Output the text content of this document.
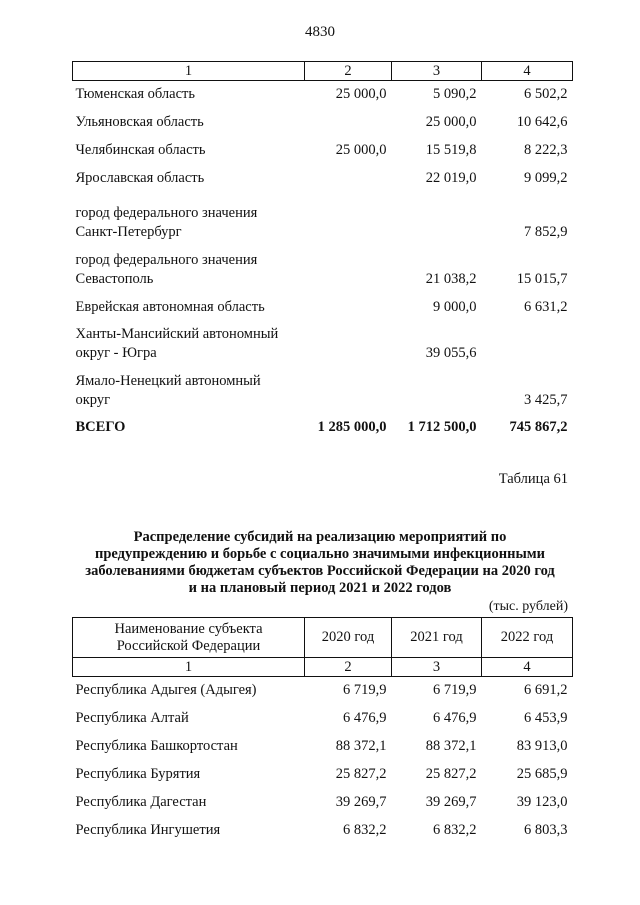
4830
1	2	3	4
Тюменская область	25 000,0	5 090,2	6 502,2
Ульяновская область		25 000,0	10 642,6
Челябинская область	25 000,0	15 519,8	8 222,3
Ярославская область		22 019,0	9 099,2
город федерального значения
Санкт-Петербург			7 852,9
город федерального значения
Севастополь		21 038,2	15 015,7
Еврейская автономная область		9 000,0	6 631,2
Ханты-Мансийский автономный
округ - Югра		39 055,6	
Ямало-Ненецкий автономный
округ			3 425,7
ВСЕГО	1 285 000,0	1 712 500,0	745 867,2
Таблица 61
Распределение субсидий на реализацию мероприятий по
предупреждению и борьбе с социально значимыми инфекционными
заболеваниями бюджетам субъектов Российской Федерации на 2020 год
и на плановый период 2021 и 2022 годов
(тыс. рублей)
Наименование субъекта
Российской Федерации	2020 год	2021 год	2022 год
1	2	3	4
Республика Адыгея (Адыгея)	6 719,9	6 719,9	6 691,2
Республика Алтай	6 476,9	6 476,9	6 453,9
Республика Башкортостан	88 372,1	88 372,1	83 913,0
Республика Бурятия	25 827,2	25 827,2	25 685,9
Республика Дагестан	39 269,7	39 269,7	39 123,0
Республика Ингушетия	6 832,2	6 832,2	6 803,3
